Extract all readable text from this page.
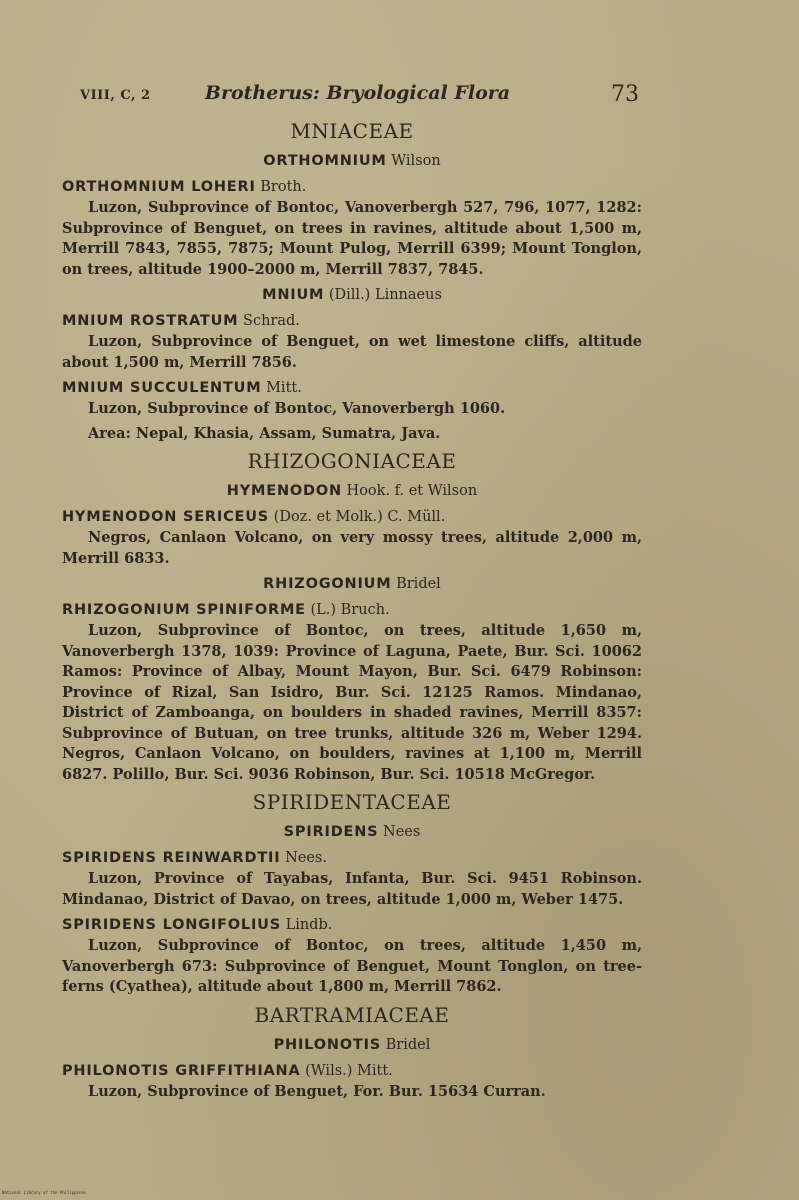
VIII, C, 2	Brotherus: Bryological Flora	73
MNIACEAE
ORTHOMNIUM Wilson
ORTHOMNIUM LOHERI Broth.

Luzon, Subprovince of Bontoc, Vanoverbergh 527, 796, 1077, 1282: Subprovince of Benguet, on trees in ravines, altitude about 1,500 m, Merrill 7843, 7855, 7875; Mount Pulog, Merrill 6399; Mount Tonglon, on trees, altitude 1900–2000 m, Merrill 7837, 7845.

MNIUM (Dill.) Linnaeus
MNIUM ROSTRATUM Schrad.

Luzon, Subprovince of Benguet, on wet limestone cliffs, altitude about 1,500 m, Merrill 7856.

MNIUM SUCCULENTUM Mitt.

Luzon, Subprovince of Bontoc, Vanoverbergh 1060.

Area: Nepal, Khasia, Assam, Sumatra, Java.

RHIZOGONIACEAE
HYMENODON Hook. f. et Wilson
HYMENODON SERICEUS (Doz. et Molk.) C. Müll.

Negros, Canlaon Volcano, on very mossy trees, altitude 2,000 m, Merrill 6833.

RHIZOGONIUM Bridel
RHIZOGONIUM SPINIFORME (L.) Bruch.

Luzon, Subprovince of Bontoc, on trees, altitude 1,650 m, Vanoverbergh 1378, 1039: Province of Laguna, Paete, Bur. Sci. 10062 Ramos: Province of Albay, Mount Mayon, Bur. Sci. 6479 Robinson: Province of Rizal, San Isidro, Bur. Sci. 12125 Ramos. Mindanao, District of Zamboanga, on boulders in shaded ravines, Merrill 8357: Subprovince of Butuan, on tree trunks, altitude 326 m, Weber 1294. Negros, Canlaon Volcano, on boulders, ravines at 1,100 m, Merrill 6827. Polillo, Bur. Sci. 9036 Robinson, Bur. Sci. 10518 McGregor.

SPIRIDENTACEAE
SPIRIDENS Nees
SPIRIDENS REINWARDTII Nees.

Luzon, Province of Tayabas, Infanta, Bur. Sci. 9451 Robinson. Mindanao, District of Davao, on trees, altitude 1,000 m, Weber 1475.

SPIRIDENS LONGIFOLIUS Lindb.

Luzon, Subprovince of Bontoc, on trees, altitude 1,450 m, Vanoverbergh 673: Subprovince of Benguet, Mount Tonglon, on tree-ferns (Cyathea), altitude about 1,800 m, Merrill 7862.

BARTRAMIACEAE
PHILONOTIS Bridel
PHILONOTIS GRIFFITHIANA (Wils.) Mitt.

Luzon, Subprovince of Benguet, For. Bur. 15634 Curran.

National Library of the Philippines
